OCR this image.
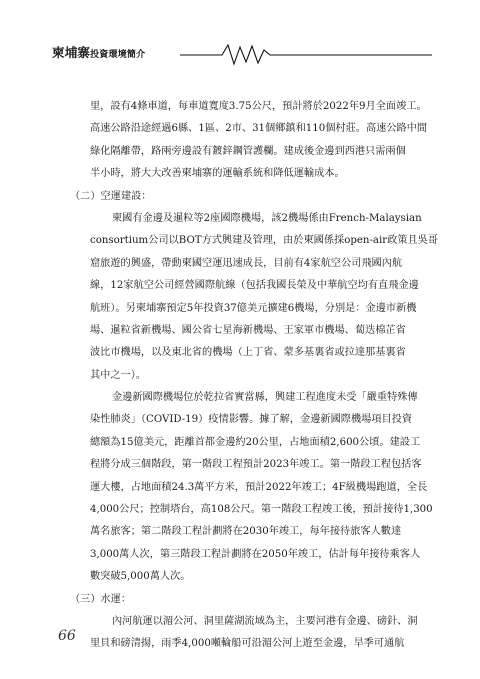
柬埔寨投資環境簡介
里，設有4條車道，每車道寬度3.75公尺，預計將於2022年9月全面竣工。
高速公路沿途經過6縣、1區、2市、31個鄉鎮和110個村莊。高速公路中間
綠化隔離帶，路兩旁邊設有鍍鋅鋼管護欄。建成後金邊到西港只需兩個
半小時，將大大改善柬埔寨的運輸系統和降低運輸成本。
（二）空運建設：
柬國有金邊及暹粒等2座國際機場，該2機場係由French-Malaysian
consortium公司以BOT方式興建及管理，由於柬國係採open-air政策且吳哥
窟旅遊的興盛，帶動柬國空運迅速成長，目前有4家航空公司飛國內航
線，12家航空公司經營國際航線（包括我國長榮及中華航空均有直飛金邊
航班）。另柬埔寨預定5年投資37億美元擴建6機場，分別是：金邊市新機
場、暹粒省新機場、國公省七星海新機場、王家軍市機場、蔔迭棉芷省
波比市機場，以及東北省的機場（上丁省、蒙多基裏省或拉達那基裏省
其中之一）。
金邊新國際機場位於乾拉省實當縣，興建工程進度未受「嚴重特殊傳
染性肺炎」（COVID-19）疫情影響。據了解，金邊新國際機場項目投資
總額為15億美元，距離首都金邊約20公里，占地面積2,600公頃。建設工
程將分成三個階段，第一階段工程預計2023年竣工。第一階段工程包括客
運大樓，占地面積24.3萬平方米，預計2022年竣工；4F級機場跑道，全長
4,000公尺；控制塔台，高108公尺。第一階段工程竣工後，預計接待1,300
萬名旅客；第二階段工程計劃將在2030年竣工，每年接待旅客人數達
3,000萬人次，第三階段工程計劃將在2050年竣工，估計每年接待乘客人
數突破5,000萬人次。
（三）水運：
內河航運以湄公河、洞里薩湖流域為主，主要河港有金邊、磅針、洞
里貝和磅清揚，雨季4,000噸輪船可沿湄公河上遊至金邊，旱季可通航
66
